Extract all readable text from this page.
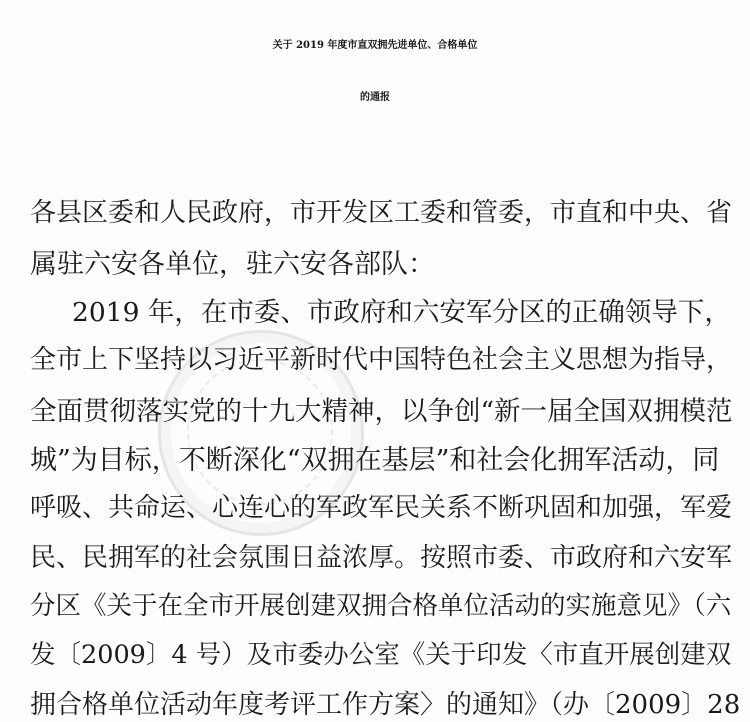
关于 2019 年度市直双拥先进单位、合格单位
的通报
各县区委和人民政府，市开发区工委和管委，市直和中央、省
属驻六安各单位，驻六安各部队：
2019 年，在市委、市政府和六安军分区的正确领导下，
全市上下坚持以习近平新时代中国特色社会主义思想为指导，
全面贯彻落实党的十九大精神，以争创“新一届全国双拥模范
城”为目标，不断深化“双拥在基层”和社会化拥军活动，同
呼吸、共命运、心连心的军政军民关系不断巩固和加强，军爱
民、民拥军的社会氛围日益浓厚。按照市委、市政府和六安军
分区《关于在全市开展创建双拥合格单位活动的实施意见》（六
发〔2009〕4 号）及市委办公室《关于印发〈市直开展创建双
拥合格单位活动年度考评工作方案〉的通知》（办〔2009〕28
